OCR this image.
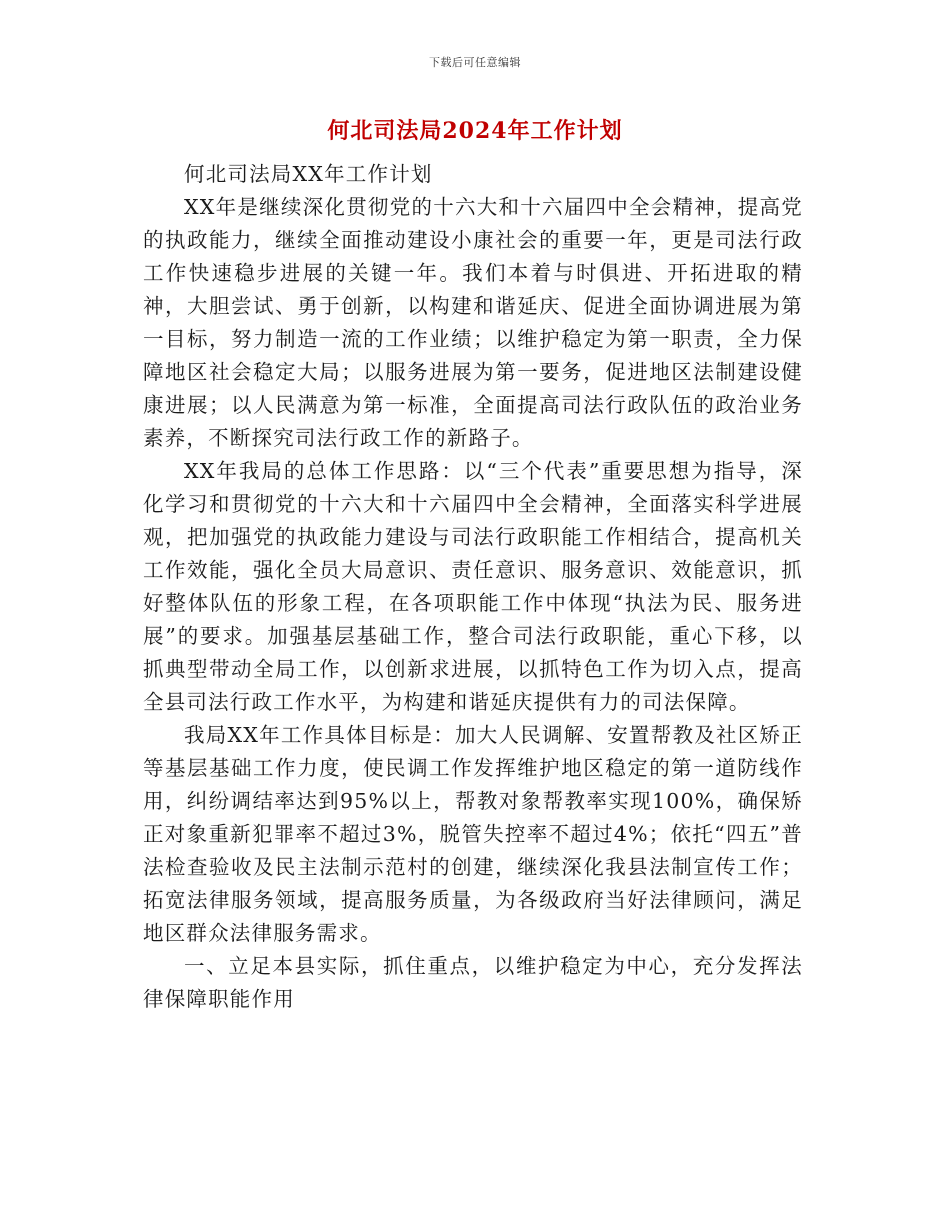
下载后可任意编辑
何北司法局2024年工作计划

何北司法局XX年工作计划

XX年是继续深化贯彻党的十六大和十六届四中全会精神，提高党的执政能力，继续全面推动建设小康社会的重要一年，更是司法行政工作快速稳步进展的关键一年。我们本着与时俱进、开拓进取的精神，大胆尝试、勇于创新，以构建和谐延庆、促进全面协调进展为第一目标，努力制造一流的工作业绩；以维护稳定为第一职责，全力保障地区社会稳定大局；以服务进展为第一要务，促进地区法制建设健康进展；以人民满意为第一标准，全面提高司法行政队伍的政治业务素养，不断探究司法行政工作的新路子。

XX年我局的总体工作思路：以“三个代表”重要思想为指导，深化学习和贯彻党的十六大和十六届四中全会精神，全面落实科学进展观，把加强党的执政能力建设与司法行政职能工作相结合，提高机关工作效能，强化全员大局意识、责任意识、服务意识、效能意识，抓好整体队伍的形象工程，在各项职能工作中体现“执法为民、服务进展”的要求。加强基层基础工作，整合司法行政职能，重心下移，以抓典型带动全局工作，以创新求进展，以抓特色工作为切入点，提高全县司法行政工作水平，为构建和谐延庆提供有力的司法保障。

我局XX年工作具体目标是：加大人民调解、安置帮教及社区矫正等基层基础工作力度，使民调工作发挥维护地区稳定的第一道防线作用，纠纷调结率达到95%以上，帮教对象帮教率实现100%，确保矫正对象重新犯罪率不超过3%，脱管失控率不超过4%；依托“四五”普法检查验收及民主法制示范村的创建，继续深化我县法制宣传工作；拓宽法律服务领域，提高服务质量，为各级政府当好法律顾问，满足地区群众法律服务需求。

一、立足本县实际，抓住重点，以维护稳定为中心，充分发挥法律保障职能作用
